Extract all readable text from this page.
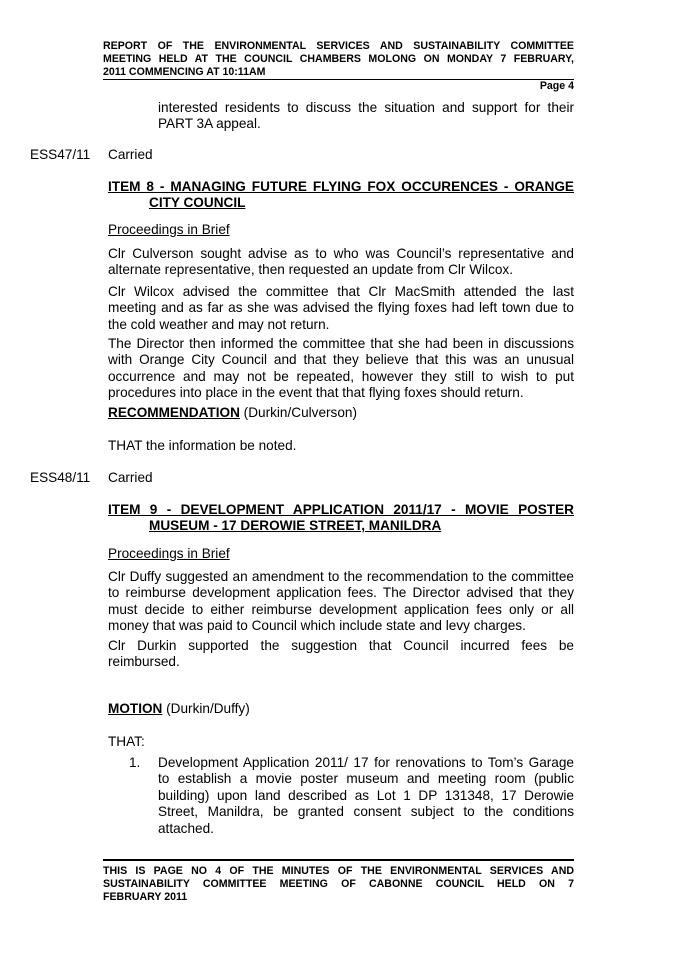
REPORT OF THE ENVIRONMENTAL SERVICES AND SUSTAINABILITY COMMITTEE
MEETING HELD AT THE COUNCIL CHAMBERS MOLONG ON MONDAY 7 FEBRUARY,
2011 COMMENCING AT 10:11AM
Page 4
interested residents to discuss the situation and support for their
PART 3A appeal.
ESS47/11 Carried
ITEM 8 - MANAGING FUTURE FLYING FOX OCCURENCES - ORANGE
CITY COUNCIL
Proceedings in Brief
Clr Culverson sought advise as to who was Council’s representative and
alternate representative, then requested an update from Clr Wilcox.
Clr Wilcox advised the committee that Clr MacSmith attended the last
meeting and as far as she was advised the flying foxes had left town due to
the cold weather and may not return.
The Director then informed the committee that she had been in discussions
with Orange City Council and that they believe that this was an unusual
occurrence and may not be repeated, however they still to wish to put
procedures into place in the event that that flying foxes should return.
RECOMMENDATION (Durkin/Culverson)
THAT the information be noted.
ESS48/11 Carried
ITEM 9 - DEVELOPMENT APPLICATION 2011/17 - MOVIE POSTER
MUSEUM - 17 DEROWIE STREET, MANILDRA
Proceedings in Brief
Clr Duffy suggested an amendment to the recommendation to the committee
to reimburse development application fees. The Director advised that they
must decide to either reimburse development application fees only or all
money that was paid to Council which include state and levy charges.
Clr Durkin supported the suggestion that Council incurred fees be
reimbursed.
MOTION (Durkin/Duffy)
THAT:
1. Development Application 2011/ 17 for renovations to Tom’s Garage
to establish a movie poster museum and meeting room (public
building) upon land described as Lot 1 DP 131348, 17 Derowie
Street, Manildra, be granted consent subject to the conditions
attached.
THIS IS PAGE NO 4 OF THE MINUTES OF THE ENVIRONMENTAL SERVICES AND
SUSTAINABILITY COMMITTEE MEETING OF CABONNE COUNCIL HELD ON 7
FEBRUARY 2011
